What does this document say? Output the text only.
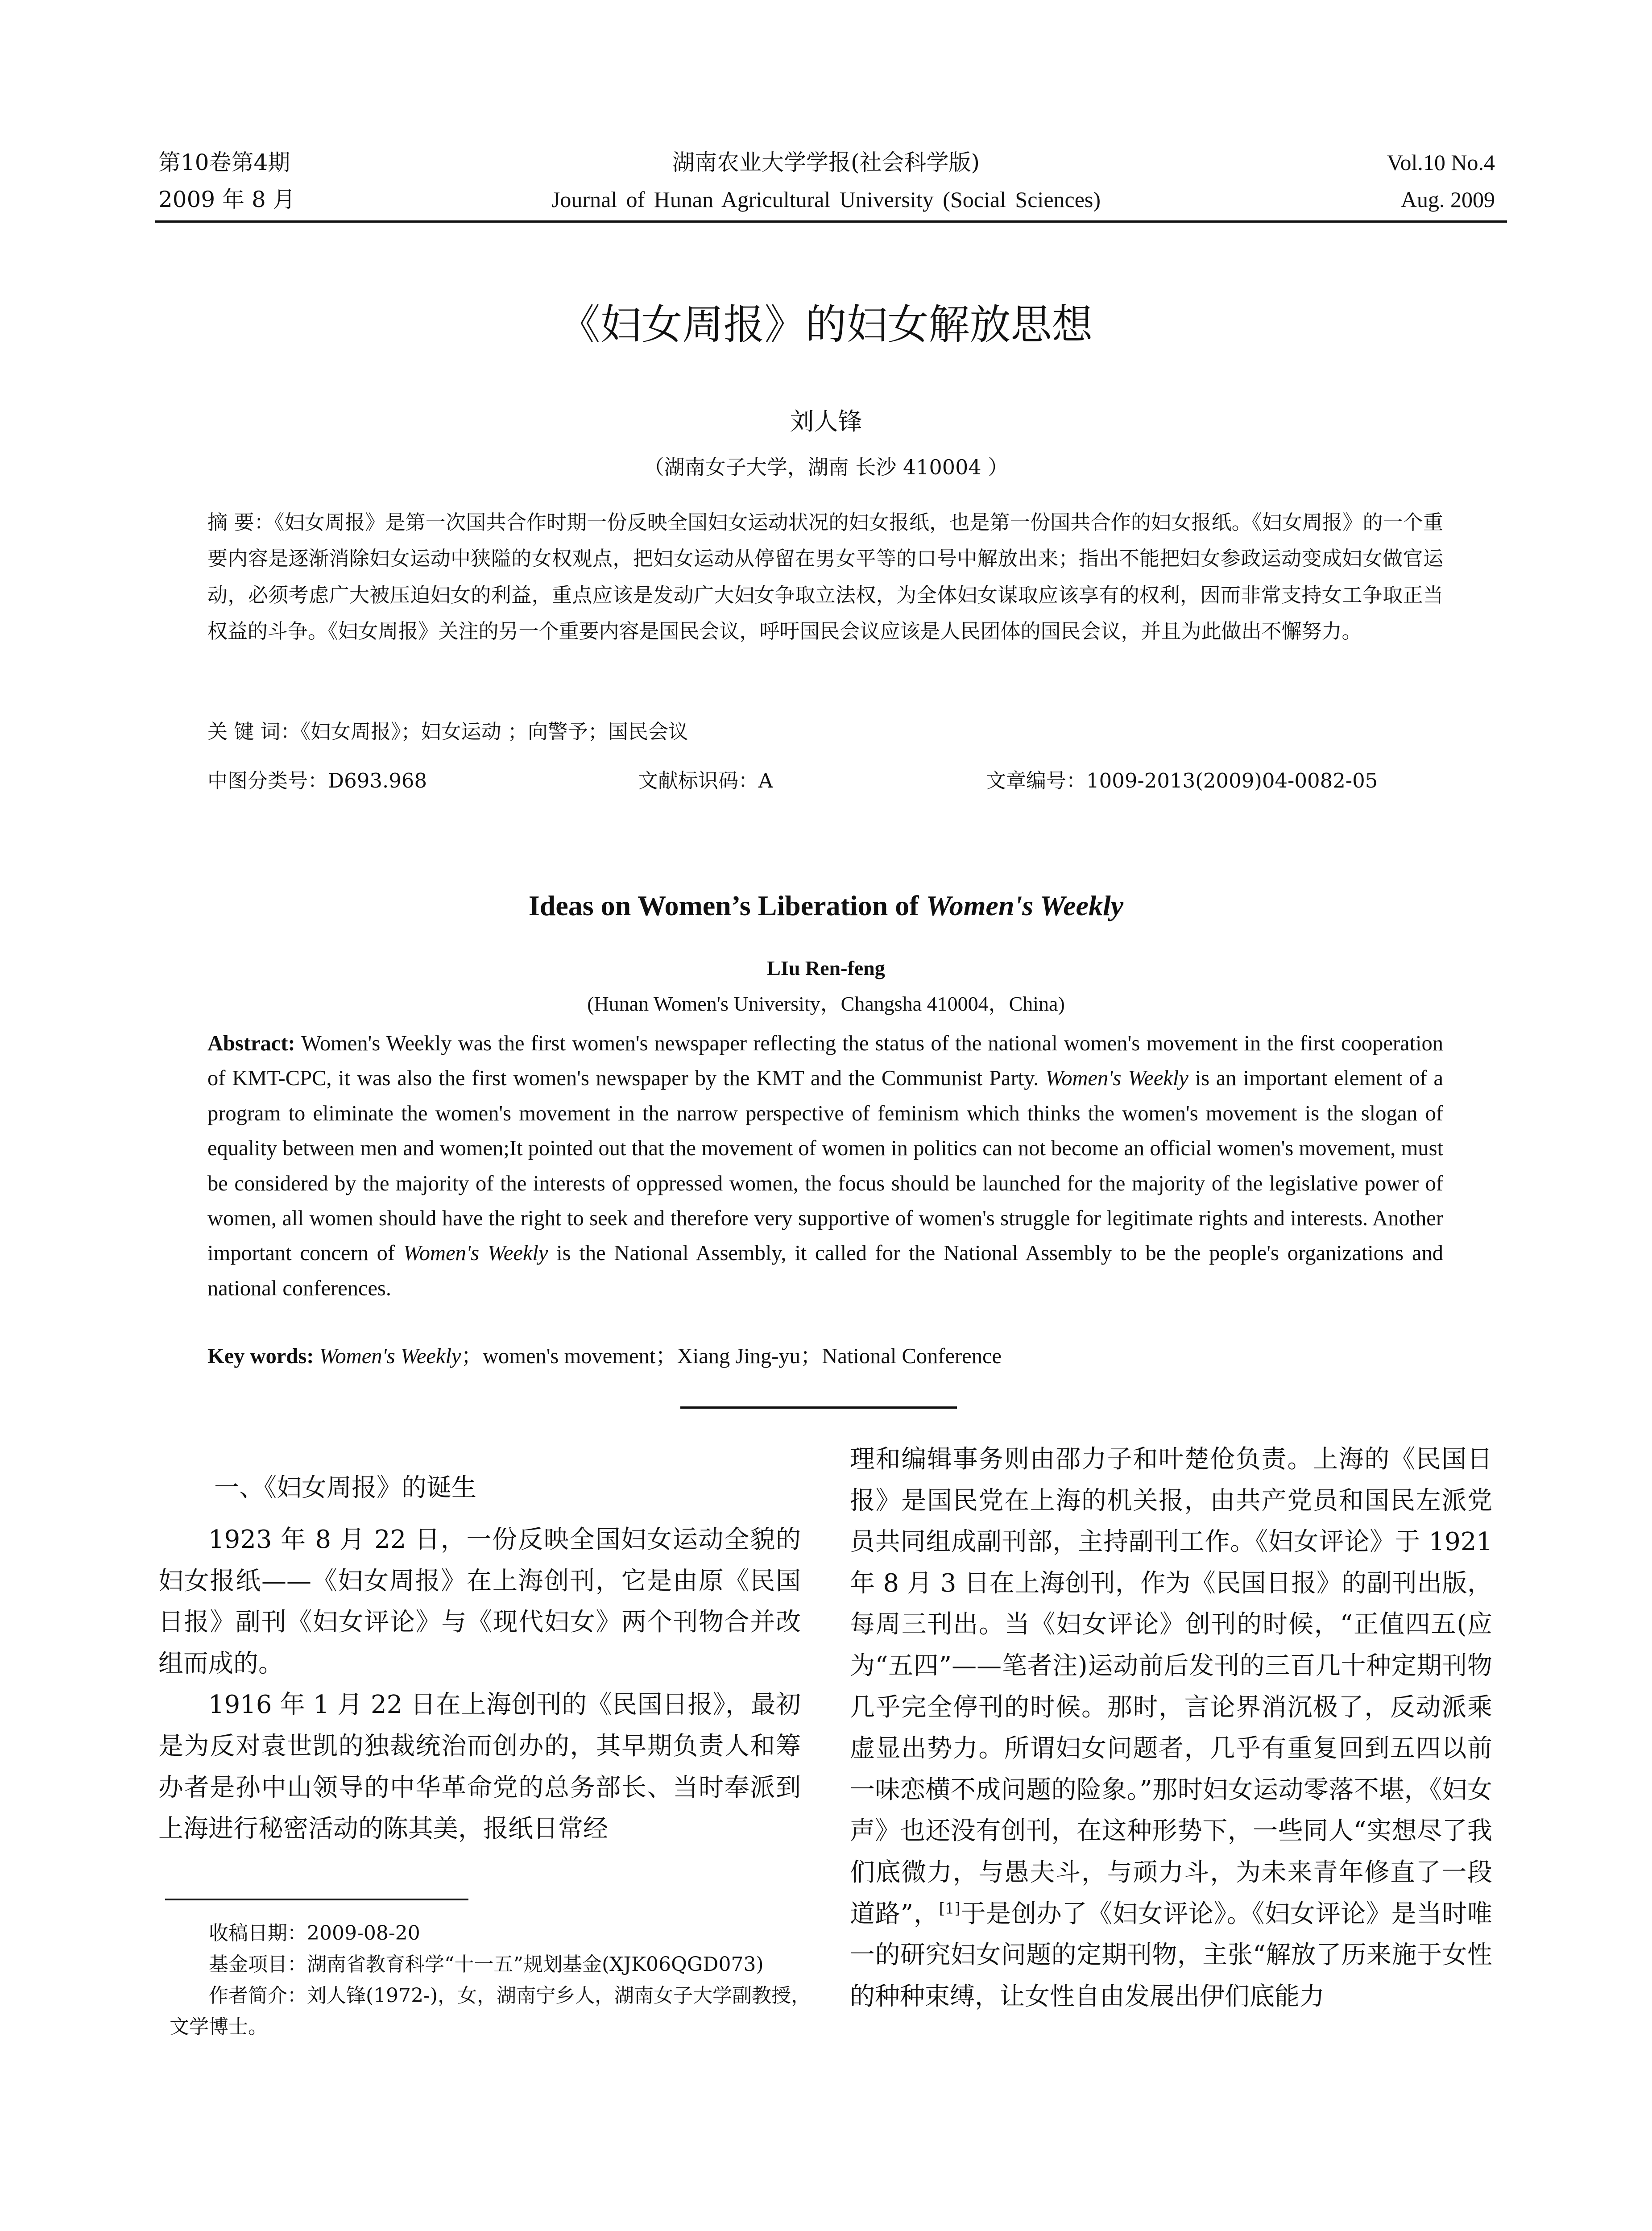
第10卷第4期	湖南农业大学学报(社会科学版)	Vol.10 No.4
2009 年 8 月	Journal of Hunan Agricultural University (Social Sciences)	Aug. 2009
《妇女周报》的妇女解放思想
刘人锋
（湖南女子大学，湖南 长沙 410004 ）
摘 要：《妇女周报》是第一次国共合作时期一份反映全国妇女运动状况的妇女报纸，也是第一份国共合作的妇女报纸。《妇女周报》的一个重要内容是逐渐消除妇女运动中狭隘的女权观点，把妇女运动从停留在男女平等的口号中解放出来；指出不能把妇女参政运动变成妇女做官运动，必须考虑广大被压迫妇女的利益，重点应该是发动广大妇女争取立法权，为全体妇女谋取应该享有的权利，因而非常支持女工争取正当权益的斗争。《妇女周报》关注的另一个重要内容是国民会议，呼吁国民会议应该是人民团体的国民会议，并且为此做出不懈努力。
关 键 词：《妇女周报》；妇女运动 ；向警予；国民会议
中图分类号：D693.968	文献标识码：A	文章编号：1009-2013(2009)04-0082-05
Ideas on Women’s Liberation of Women's Weekly
LIu Ren-feng
(Hunan Women's University，Changsha 410004，China)
Abstract: Women's Weekly was the first women's newspaper reflecting the status of the national women's movement in the first cooperation of KMT-CPC, it was also the first women's newspaper by the KMT and the Communist Party. Women's Weekly is an important element of a program to eliminate the women's movement in the narrow perspective of feminism which thinks the women's movement is the slogan of equality between men and women;It pointed out that the movement of women in politics can not become an official women's movement, must be considered by the majority of the interests of oppressed women, the focus should be launched for the majority of the legislative power of women, all women should have the right to seek and therefore very supportive of women's struggle for legitimate rights and interests. Another important concern of Women's Weekly is the National Assembly, it called for the National Assembly to be the people's organizations and national conferences.
Key words: Women's Weekly；women's movement；Xiang Jing-yu；National Conference
一、《妇女周报》的诞生

1923 年 8 月 22 日，一份反映全国妇女运动全貌的妇女报纸——《妇女周报》在上海创刊，它是由原《民国日报》副刊《妇女评论》与《现代妇女》两个刊物合并改组而成的。

1916 年 1 月 22 日在上海创刊的《民国日报》，最初是为反对袁世凯的独裁统治而创办的，其早期负责人和筹办者是孙中山领导的中华革命党的总务部长、当时奉派到上海进行秘密活动的陈其美，报纸日常经

理和编辑事务则由邵力子和叶楚伧负责。上海的《民国日报》是国民党在上海的机关报，由共产党员和国民左派党员共同组成副刊部，主持副刊工作。《妇女评论》于 1921 年 8 月 3 日在上海创刊，作为《民国日报》的副刊出版，每周三刊出。当《妇女评论》创刊的时候，“正值四五(应为“五四”——笔者注)运动前后发刊的三百几十种定期刊物几乎完全停刊的时候。那时，言论界消沉极了，反动派乘虚显出势力。所谓妇女问题者，几乎有重复回到五四以前一味恋横不成问题的险象。”那时妇女运动零落不堪，《妇女声》也还没有创刊，在这种形势下，一些同人“实想尽了我们底微力，与愚夫斗，与顽力斗，为未来青年修直了一段道路”，[1]于是创办了《妇女评论》。《妇女评论》是当时唯一的研究妇女问题的定期刊物，主张“解放了历来施于女性的种种束缚，让女性自由发展出伊们底能力

收稿日期：2009-08-20

基金项目：湖南省教育科学“十一五”规划基金(XJK06QGD073)

作者简介：刘人锋(1972-)，女，湖南宁乡人，湖南女子大学副教授，文学博士。
